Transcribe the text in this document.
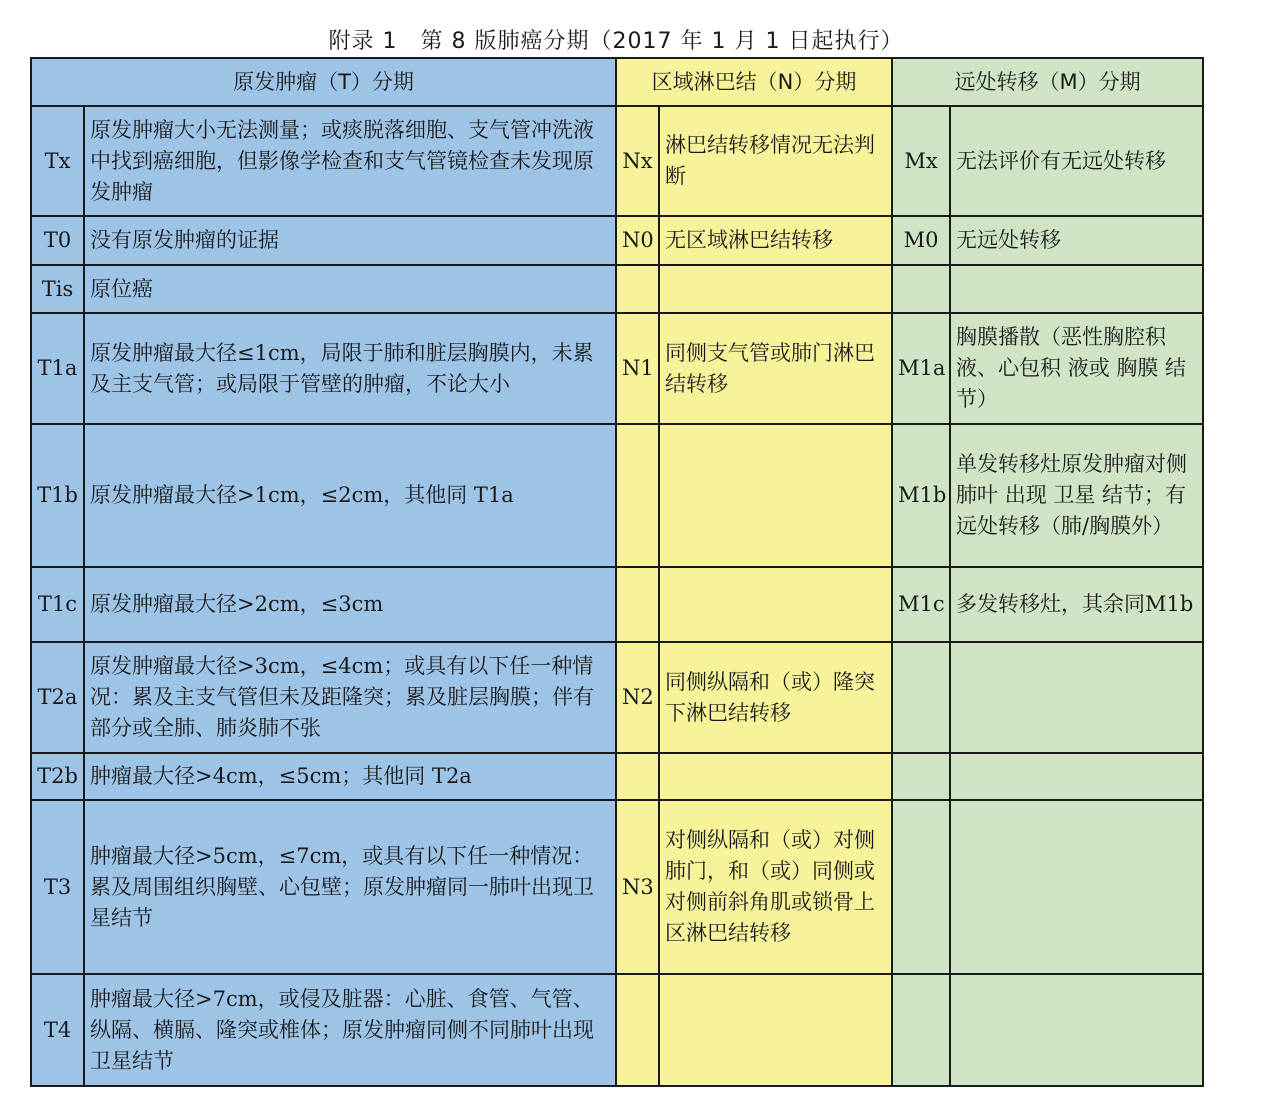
附录 1　第 8 版肺癌分期（2017 年 1 月 1 日起执行）
原发肿瘤（T）分期		区域淋巴结（N）分期		远处转移（M）分期	
Tx	原发肿瘤大小无法测量；或痰脱落细胞、支气管冲洗液中找到癌细胞，但影像学检查和支气管镜检查未发现原发肿瘤	Nx	淋巴结转移情况无法判断	Mx	无法评价有无远处转移
T0	没有原发肿瘤的证据	N0	无区域淋巴结转移	M0	无远处转移
Tis	原位癌				
T1a	原发肿瘤最大径≤1cm，局限于肺和脏层胸膜内，未累及主支气管；或局限于管壁的肿瘤，不论大小	N1	同侧支气管或肺门淋巴结转移	M1a	胸膜播散（恶性胸腔积液、心包积 液或 胸膜 结节）
T1b	原发肿瘤最大径>1cm，≤2cm，其他同 T1a			M1b	单发转移灶原发肿瘤对侧肺叶 出现 卫星 结节；有远处转移（肺/胸膜外）
T1c	原发肿瘤最大径>2cm，≤3cm			M1c	多发转移灶，其余同M1b
T2a	原发肿瘤最大径>3cm，≤4cm；或具有以下任一种情况：累及主支气管但未及距隆突；累及脏层胸膜；伴有部分或全肺、肺炎肺不张	N2	同侧纵隔和（或）隆突下淋巴结转移		
T2b	肿瘤最大径>4cm，≤5cm；其他同 T2a				
T3	肿瘤最大径>5cm，≤7cm，或具有以下任一种情况：累及周围组织胸壁、心包壁；原发肿瘤同一肺叶出现卫星结节	N3	对侧纵隔和（或）对侧肺门，和（或）同侧或对侧前斜角肌或锁骨上区淋巴结转移		
T4	肿瘤最大径>7cm，或侵及脏器：心脏、食管、气管、纵隔、横膈、隆突或椎体；原发肿瘤同侧不同肺叶出现卫星结节				
